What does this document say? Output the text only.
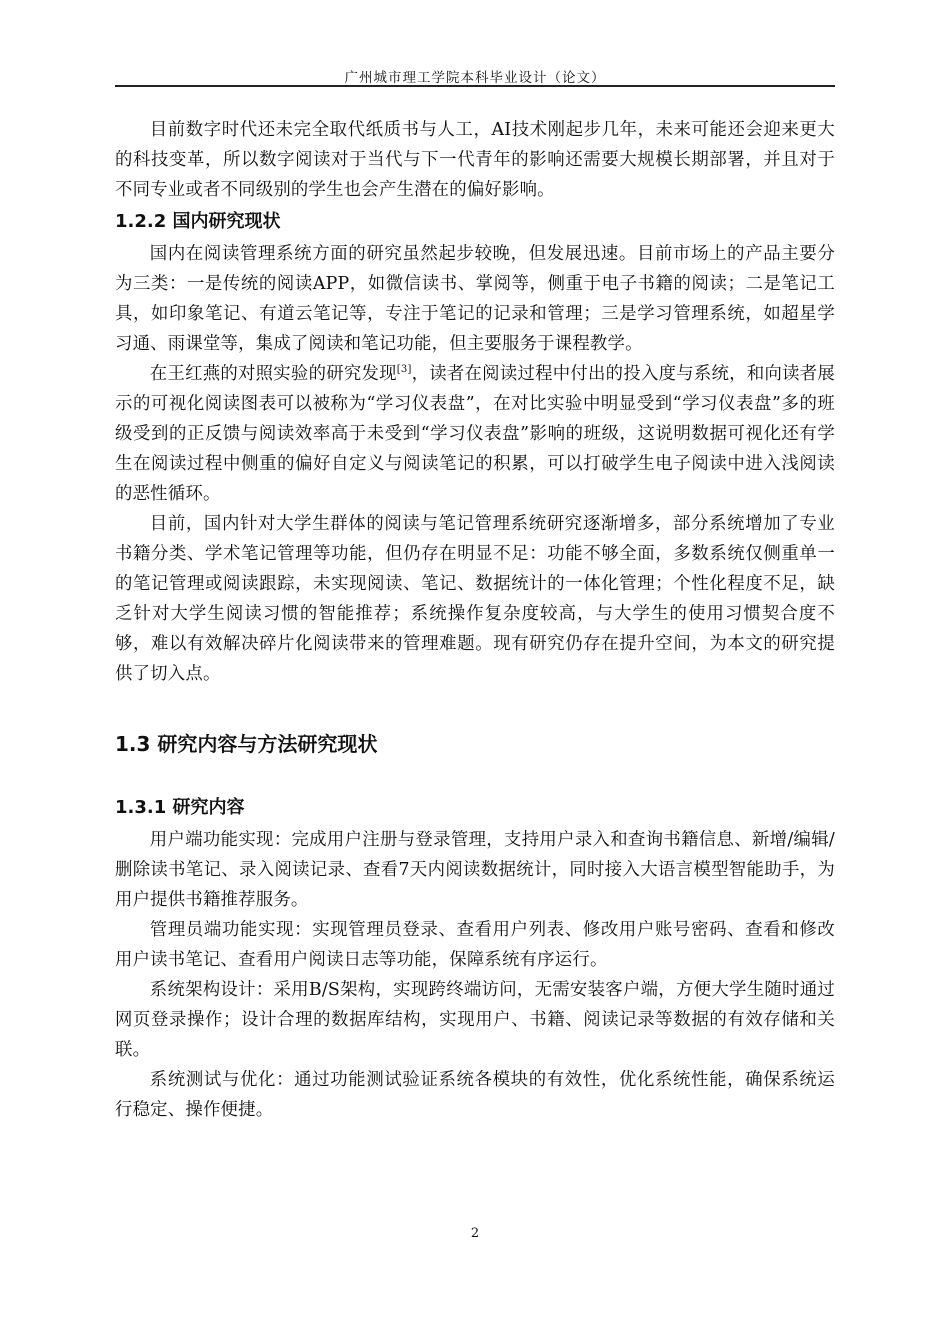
广州城市理工学院本科毕业设计（论文）

目前数字时代还未完全取代纸质书与人工，AI技术刚起步几年，未来可能还会迎来更大的科技变革，所以数字阅读对于当代与下一代青年的影响还需要大规模长期部署，并且对于不同专业或者不同级别的学生也会产生潜在的偏好影响。

1.2.2 国内研究现状

国内在阅读管理系统方面的研究虽然起步较晚，但发展迅速。目前市场上的产品主要分为三类：一是传统的阅读APP，如微信读书、掌阅等，侧重于电子书籍的阅读；二是笔记工具，如印象笔记、有道云笔记等，专注于笔记的记录和管理；三是学习管理系统，如超星学习通、雨课堂等，集成了阅读和笔记功能，但主要服务于课程教学。

在王红燕的对照实验的研究发现[3]，读者在阅读过程中付出的投入度与系统，和向读者展示的可视化阅读图表可以被称为“学习仪表盘”，在对比实验中明显受到“学习仪表盘”多的班级受到的正反馈与阅读效率高于未受到“学习仪表盘”影响的班级，这说明数据可视化还有学生在阅读过程中侧重的偏好自定义与阅读笔记的积累，可以打破学生电子阅读中进入浅阅读的恶性循环。

目前，国内针对大学生群体的阅读与笔记管理系统研究逐渐增多，部分系统增加了专业书籍分类、学术笔记管理等功能，但仍存在明显不足：功能不够全面，多数系统仅侧重单一的笔记管理或阅读跟踪，未实现阅读、笔记、数据统计的一体化管理；个性化程度不足，缺乏针对大学生阅读习惯的智能推荐；系统操作复杂度较高，与大学生的使用习惯契合度不够，难以有效解决碎片化阅读带来的管理难题。现有研究仍存在提升空间，为本文的研究提供了切入点。

1.3 研究内容与方法研究现状
1.3.1 研究内容

用户端功能实现：完成用户注册与登录管理，支持用户录入和查询书籍信息、新增/编辑/删除读书笔记、录入阅读记录、查看7天内阅读数据统计，同时接入大语言模型智能助手，为用户提供书籍推荐服务。

管理员端功能实现：实现管理员登录、查看用户列表、修改用户账号密码、查看和修改用户读书笔记、查看用户阅读日志等功能，保障系统有序运行。

系统架构设计：采用B/S架构，实现跨终端访问，无需安装客户端，方便大学生随时通过网页登录操作；设计合理的数据库结构，实现用户、书籍、阅读记录等数据的有效存储和关联。

系统测试与优化：通过功能测试验证系统各模块的有效性，优化系统性能，确保系统运行稳定、操作便捷。

2
